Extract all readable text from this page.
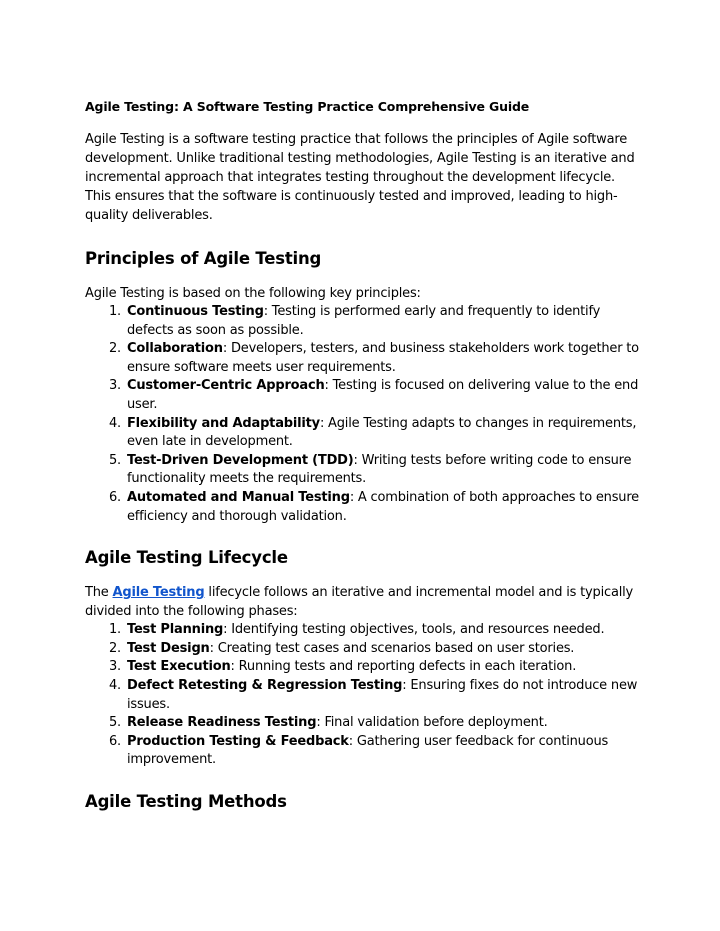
Agile Testing: A Software Testing Practice Comprehensive Guide

Agile Testing is a software testing practice that follows the principles of Agile software development. Unlike traditional testing methodologies, Agile Testing is an iterative and incremental approach that integrates testing throughout the development lifecycle. This ensures that the software is continuously tested and improved, leading to high-quality deliverables.

Principles of Agile Testing

Agile Testing is based on the following key principles:

1. Continuous Testing: Testing is performed early and frequently to identify defects as soon as possible.
2. Collaboration: Developers, testers, and business stakeholders work together to ensure software meets user requirements.
3. Customer-Centric Approach: Testing is focused on delivering value to the end user.
4. Flexibility and Adaptability: Agile Testing adapts to changes in requirements, even late in development.
5. Test-Driven Development (TDD): Writing tests before writing code to ensure functionality meets the requirements.
6. Automated and Manual Testing: A combination of both approaches to ensure efficiency and thorough validation.
Agile Testing Lifecycle

The Agile Testing lifecycle follows an iterative and incremental model and is typically divided into the following phases:

1. Test Planning: Identifying testing objectives, tools, and resources needed.
2. Test Design: Creating test cases and scenarios based on user stories.
3. Test Execution: Running tests and reporting defects in each iteration.
4. Defect Retesting & Regression Testing: Ensuring fixes do not introduce new issues.
5. Release Readiness Testing: Final validation before deployment.
6. Production Testing & Feedback: Gathering user feedback for continuous improvement.
Agile Testing Methods
